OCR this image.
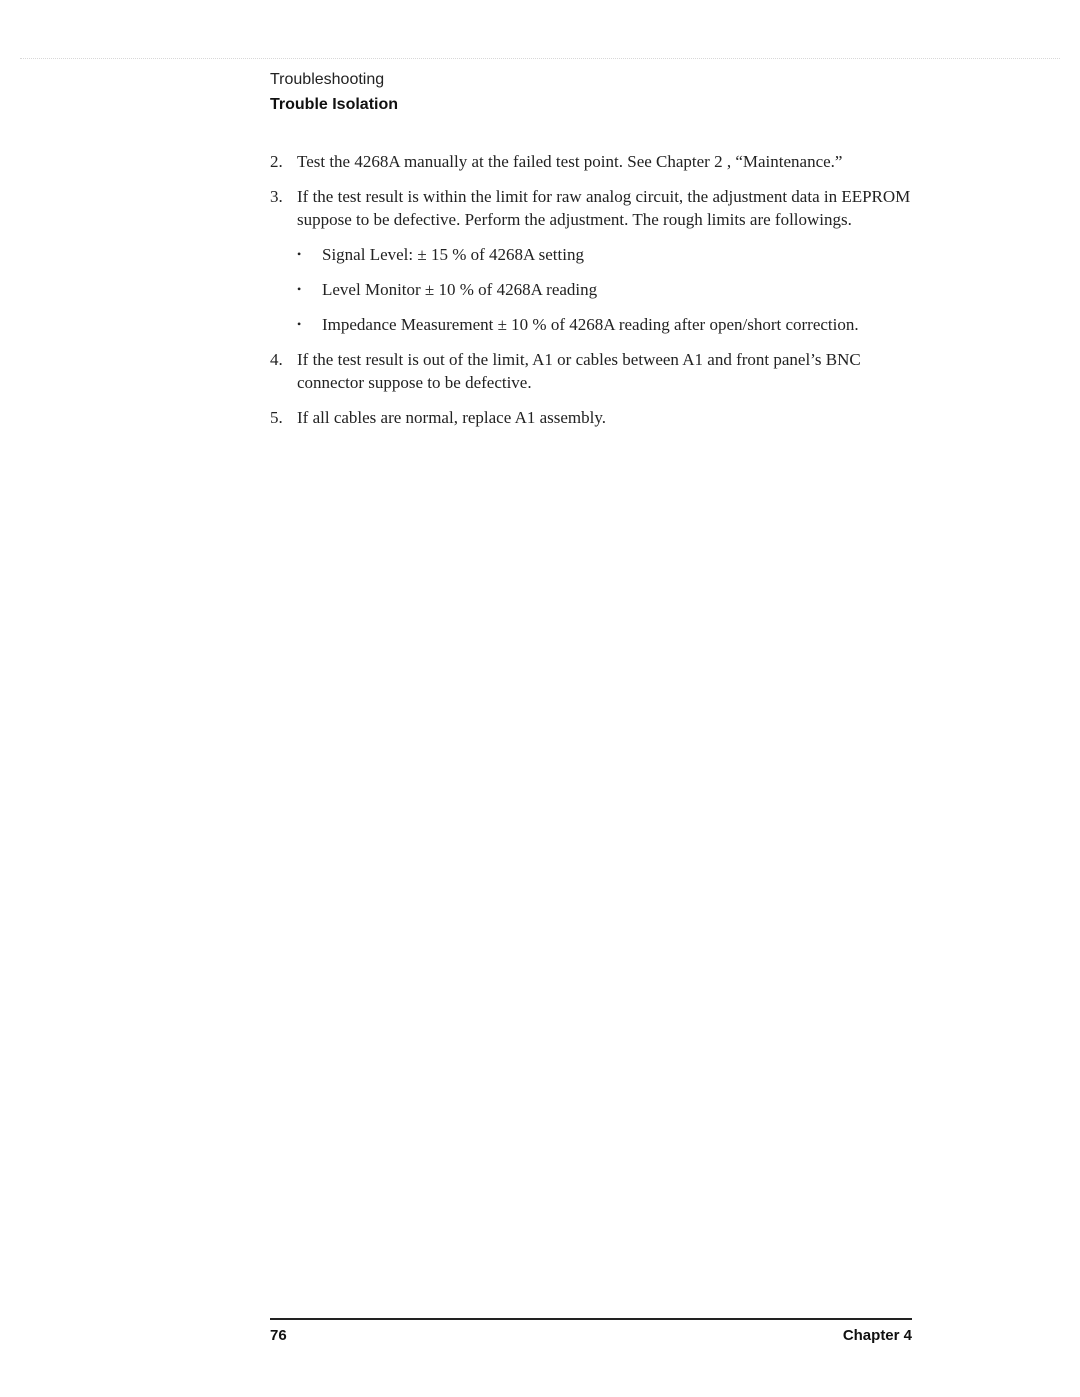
Troubleshooting
Trouble Isolation
2. Test the 4268A manually at the failed test point. See Chapter 2 , “Maintenance.”
3. If the test result is within the limit for raw analog circuit, the adjustment data in EEPROM suppose to be defective. Perform the adjustment. The rough limits are followings.
•	Signal Level: ± 15 % of 4268A setting
•	Level Monitor ± 10 % of 4268A reading
•	Impedance Measurement ± 10 % of 4268A reading after open/short correction.
4. If the test result is out of the limit, A1 or cables between A1 and front panel’s BNC connector suppose to be defective.
5. If all cables are normal, replace A1 assembly.
76	Chapter 4
